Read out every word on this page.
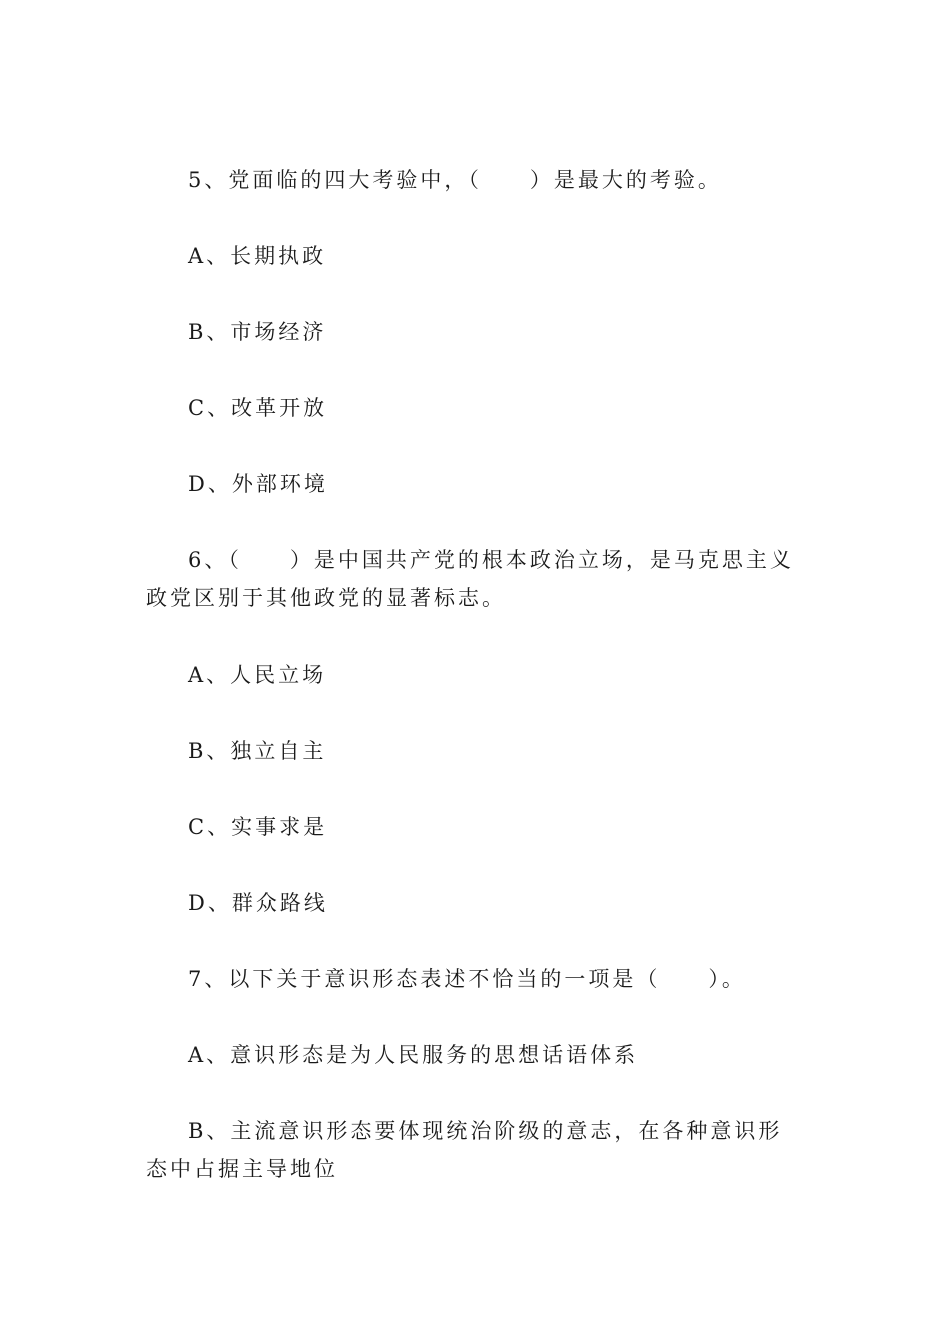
5、党面临的四大考验中，（　　）是最大的考验。
A、长期执政
B、市场经济
C、改革开放
D、外部环境
6、（　　）是中国共产党的根本政治立场，是马克思主义政党区别于其他政党的显著标志。
A、人民立场
B、独立自主
C、实事求是
D、群众路线
7、以下关于意识形态表述不恰当的一项是（　　）。
A、意识形态是为人民服务的思想话语体系
B、主流意识形态要体现统治阶级的意志，在各种意识形态中占据主导地位
